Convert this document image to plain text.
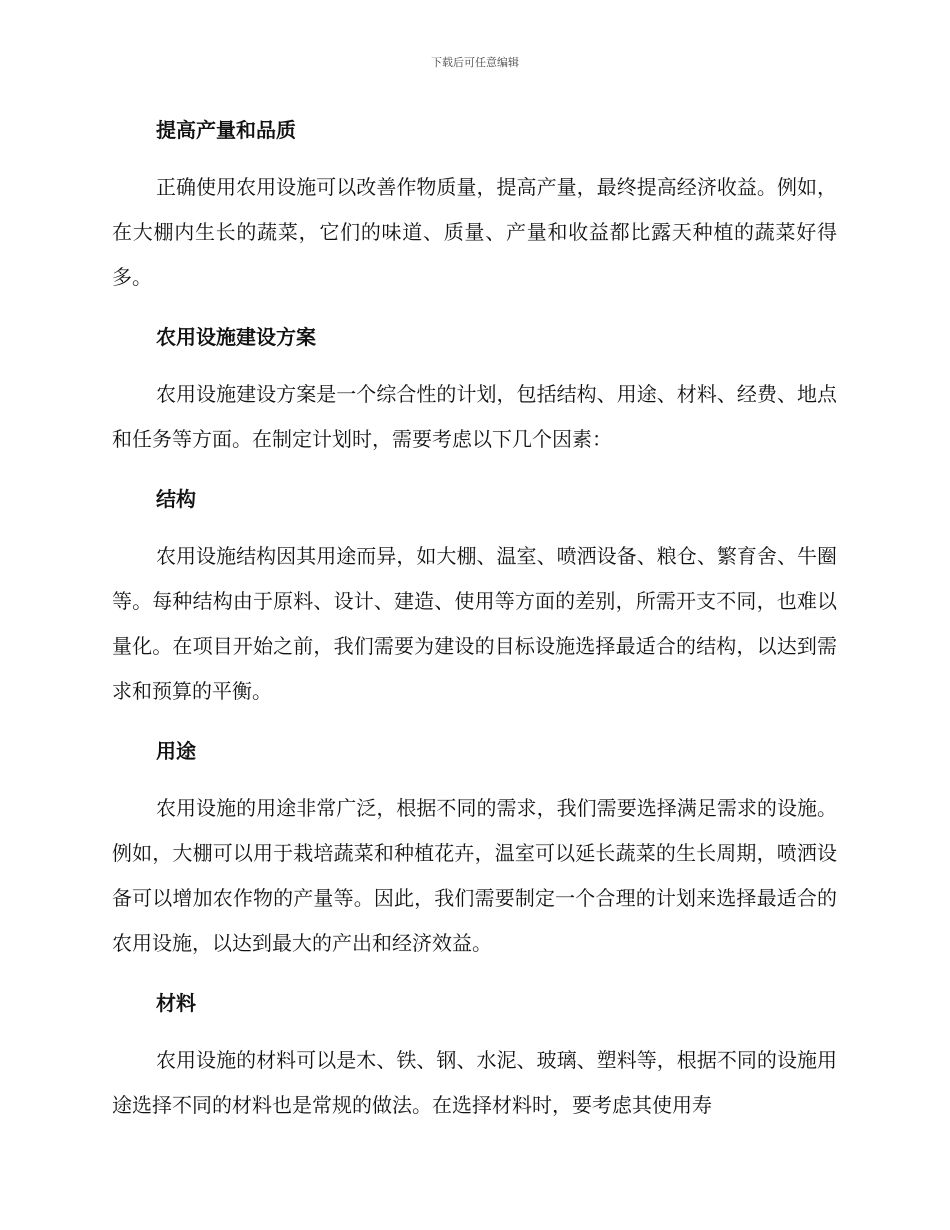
下载后可任意编辑

提高产量和品质

正确使用农用设施可以改善作物质量，提高产量，最终提高经济收益。例如，在大棚内生长的蔬菜，它们的味道、质量、产量和收益都比露天种植的蔬菜好得多。

农用设施建设方案

农用设施建设方案是一个综合性的计划，包括结构、用途、材料、经费、地点和任务等方面。在制定计划时，需要考虑以下几个因素：

结构

农用设施结构因其用途而异，如大棚、温室、喷洒设备、粮仓、繁育舍、牛圈等。每种结构由于原料、设计、建造、使用等方面的差别，所需开支不同，也难以量化。在项目开始之前，我们需要为建设的目标设施选择最适合的结构，以达到需求和预算的平衡。

用途

农用设施的用途非常广泛，根据不同的需求，我们需要选择满足需求的设施。例如，大棚可以用于栽培蔬菜和种植花卉，温室可以延长蔬菜的生长周期，喷洒设备可以增加农作物的产量等。因此，我们需要制定一个合理的计划来选择最适合的农用设施，以达到最大的产出和经济效益。

材料

农用设施的材料可以是木、铁、钢、水泥、玻璃、塑料等，根据不同的设施用途选择不同的材料也是常规的做法。在选择材料时，要考虑其使用寿
